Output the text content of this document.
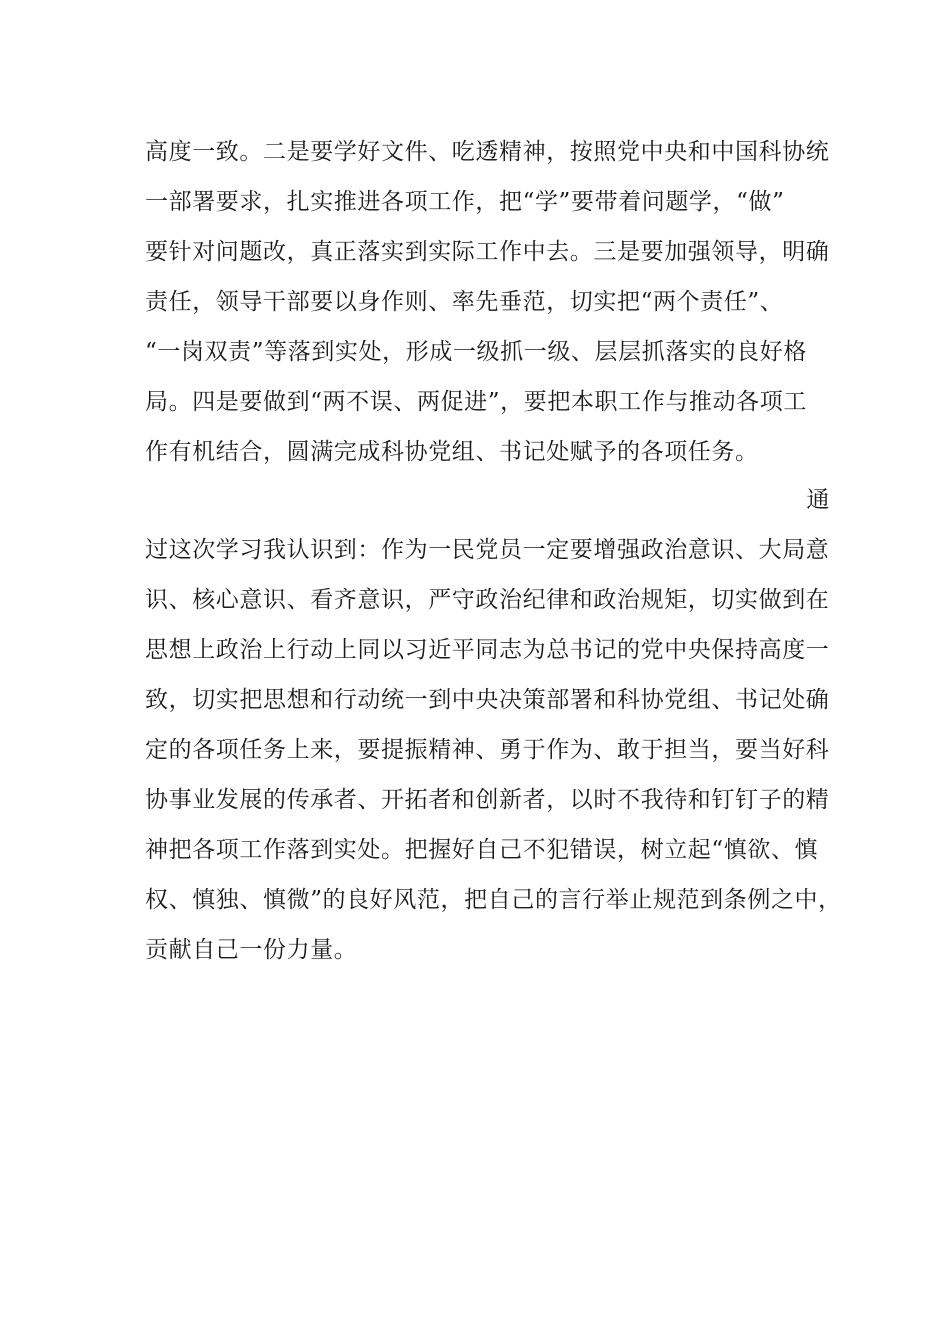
高度一致。二是要学好文件、吃透精神，按照党中央和中国科协统
一部署要求，扎实推进各项工作，把“学”要带着问题学，“做”
要针对问题改，真正落实到实际工作中去。三是要加强领导，明确
责任，领导干部要以身作则、率先垂范，切实把“两个责任”、
“一岗双责”等落到实处，形成一级抓一级、层层抓落实的良好格
局。四是要做到“两不误、两促进”，要把本职工作与推动各项工
作有机结合，圆满完成科协党组、书记处赋予的各项任务。
通
过这次学习我认识到：作为一民党员一定要增强政治意识、大局意
识、核心意识、看齐意识，严守政治纪律和政治规矩，切实做到在
思想上政治上行动上同以习近平同志为总书记的党中央保持高度一
致，切实把思想和行动统一到中央决策部署和科协党组、书记处确
定的各项任务上来，要提振精神、勇于作为、敢于担当，要当好科
协事业发展的传承者、开拓者和创新者，以时不我待和钉钉子的精
神把各项工作落到实处。把握好自己不犯错误，树立起“慎欲、慎
权、慎独、慎微”的良好风范，把自己的言行举止规范到条例之中，
贡献自己一份力量。
